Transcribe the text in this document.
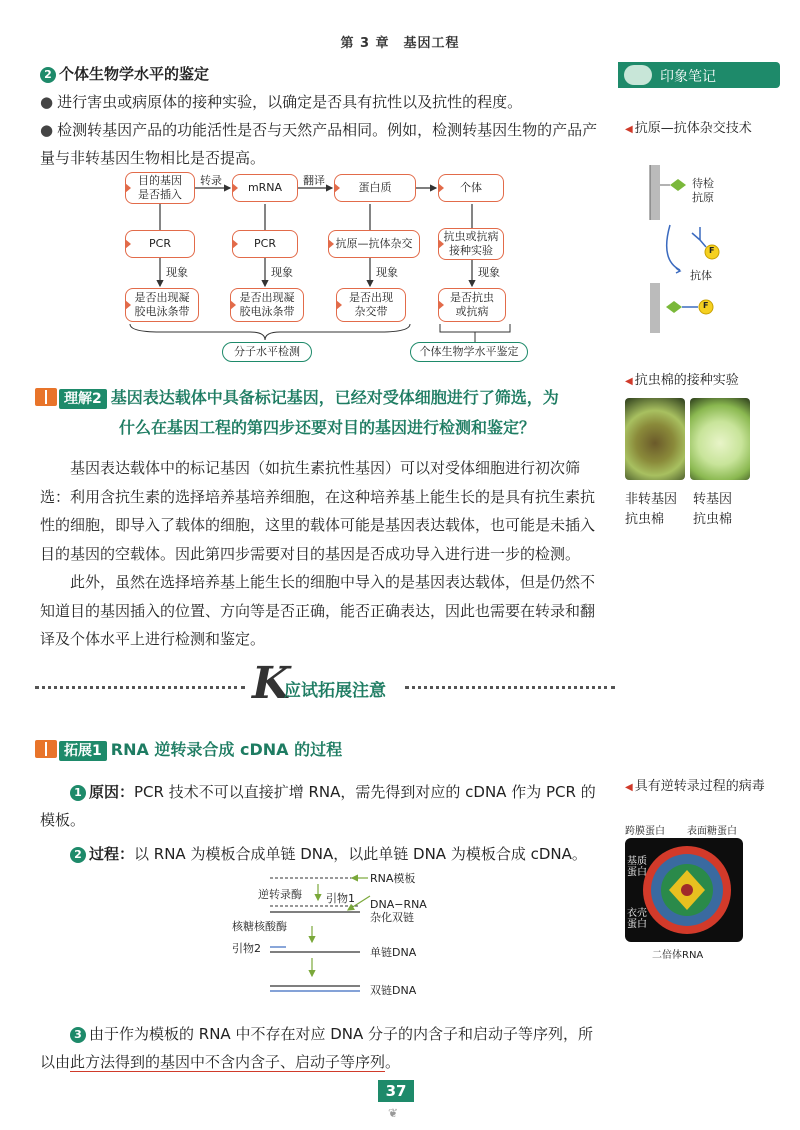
第 3 章　基因工程
2 个体生物学水平的鉴定
● 进行害虫或病原体的接种实验，以确定是否具有抗性以及抗性的程度。
● 检测转基因产品的功能活性是否与天然产品相同。例如，检测转基因生物的产品产量与非转基因生物相比是否提高。
转录	翻译
目的基因
是否插入
mRNA	蛋白质	个体
PCR	PCR	抗原—抗体杂交
抗虫或抗病
接种实验
现象	现象	现象	现象
是否出现凝
胶电泳条带
是否出现凝
胶电泳条带
是否出现
杂交带
是否抗虫
或抗病
分子水平检测	个体生物学水平鉴定
理解2 基因表达载体中具备标记基因，已经对受体细胞进行了筛选，为
什么在基因工程的第四步还要对目的基因进行检测和鉴定？
基因表达载体中的标记基因（如抗生素抗性基因）可以对受体细胞进行初次筛选：利用含抗生素的选择培养基培养细胞，在这种培养基上能生长的是具有抗生素抗性的细胞，即导入了载体的细胞，这里的载体可能是基因表达载体，也可能是未插入目的基因的空载体。因此第四步需要对目的基因是否成功导入进行进一步的检测。
此外，虽然在选择培养基上能生长的细胞中导入的是基因表达载体，但是仍然不知道目的基因插入的位置、方向等是否正确，能否正确表达，因此也需要在转录和翻译及个体水平上进行检测和鉴定。
K
应试拓展注意
拓展1 RNA 逆转录合成 cDNA 的过程
1 原因：PCR 技术不可以直接扩增 RNA，需先得到对应的 cDNA 作为 PCR 的模板。
2 过程：以 RNA 为模板合成单链 DNA，以此单链 DNA 为模板合成 cDNA。
逆转录酶 引物1
RNA模板
DNA−RNA
杂化双链
核糖核酸酶
引物2	单链DNA
双链DNA
3 由于作为模板的 RNA 中不存在对应 DNA 分子的内含子和启动子等序列，所以由此方法得到的基因中不含内含子、启动子等序列。
印象笔记
◀ 抗原—抗体杂交技术
待检
抗原
F
抗体
F
◀ 抗虫棉的接种实验
非转基因
抗虫棉
转基因
抗虫棉
◀ 具有逆转录过程的病毒
跨膜蛋白 表面糖蛋白
基质
蛋白
衣壳
蛋白
二倍体RNA
37
❦
